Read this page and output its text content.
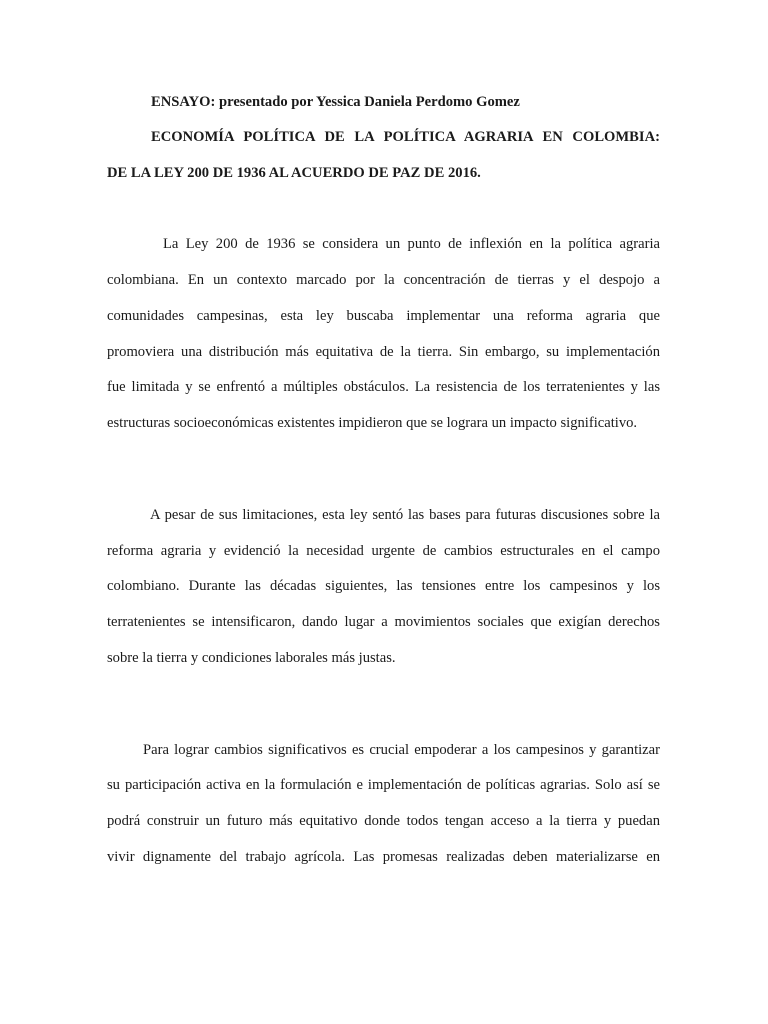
ENSAYO: presentado por Yessica Daniela Perdomo Gomez
ECONOMÍA POLÍTICA DE LA POLÍTICA AGRARIA EN COLOMBIA:
DE LA LEY 200 DE 1936 AL ACUERDO DE PAZ DE 2016.
La Ley 200 de 1936 se considera un punto de inflexión en la política agraria
colombiana. En un contexto marcado por la concentración de tierras y el despojo a
comunidades campesinas, esta ley buscaba implementar una reforma agraria que
promoviera una distribución más equitativa de la tierra. Sin embargo, su implementación
fue limitada y se enfrentó a múltiples obstáculos. La resistencia de los terratenientes y las
estructuras socioeconómicas existentes impidieron que se lograra un impacto significativo.
A pesar de sus limitaciones, esta ley sentó las bases para futuras discusiones sobre la
reforma agraria y evidenció la necesidad urgente de cambios estructurales en el campo
colombiano. Durante las décadas siguientes, las tensiones entre los campesinos y los
terratenientes se intensificaron, dando lugar a movimientos sociales que exigían derechos
sobre la tierra y condiciones laborales más justas.
Para lograr cambios significativos es crucial empoderar a los campesinos y garantizar
su participación activa en la formulación e implementación de políticas agrarias. Solo así se
podrá construir un futuro más equitativo donde todos tengan acceso a la tierra y puedan
vivir dignamente del trabajo agrícola. Las promesas realizadas deben materializarse en
